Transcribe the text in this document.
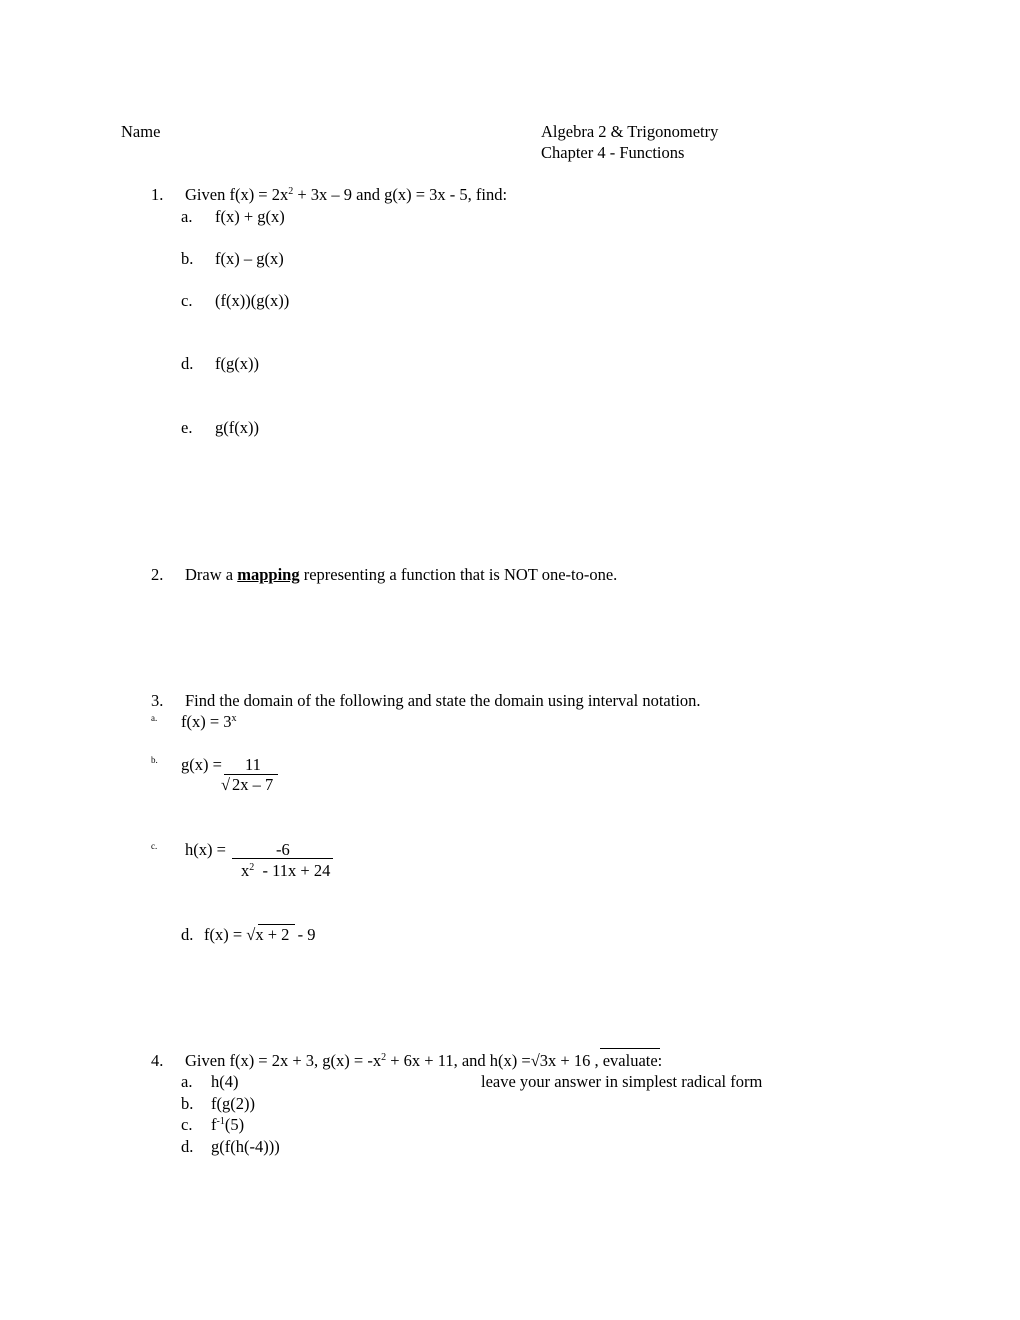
Name	Algebra 2 & Trigonometry
Chapter 4 - Functions
1. Given $f(x) = 2x^2 + 3x - 9$ and g(x) = 3x - 5, find:
a. f(x) + g(x)
b. f(x) – g(x)
c. (f(x))(g(x))
d. f(g(x))
e. g(f(x))
2. Draw a mapping representing a function that is NOT one-to-one.
3. Find the domain of the following and state the domain using interval notation.
a. $f(x) = 3^x$
b. g(x) = 11
√ 2x – 7
c. h(x) =	-6
$x^2 - 11x + 24$
d. f(x) = √x + 2  - 9
4. Given f(x) = 2x + 3, $g(x) = -x^2 + 6x + 11$, and h(x) =√3x + 16 , evaluate:
a. h(4)	leave your answer in simplest radical form
b. f(g(2))
c. $f^{-1}(5)$
d. g(f(h(-4)))
